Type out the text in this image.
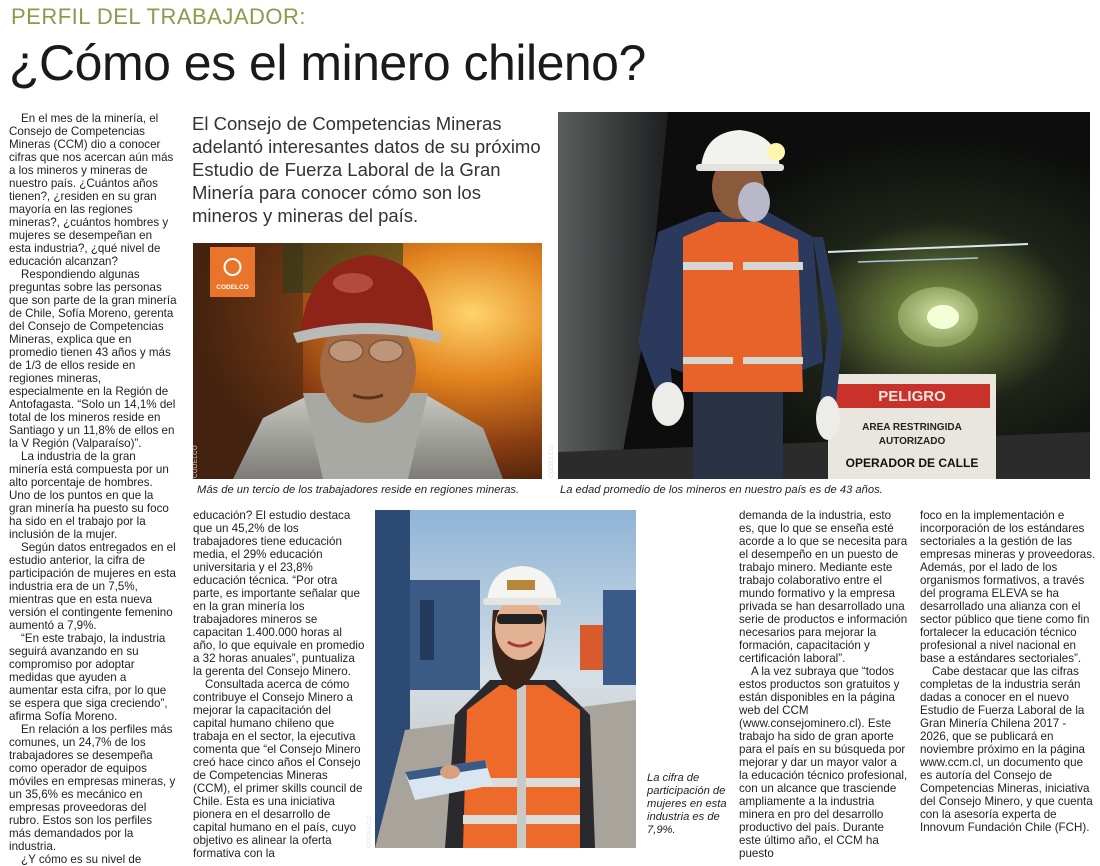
PERFIL DEL TRABAJADOR:
¿Cómo es el minero chileno?

En el mes de la minería, el Consejo de Competencias Mineras (CCM) dio a conocer cifras que nos acercan aún más a los mineros y mineras de nuestro país. ¿Cuántos años tienen?, ¿residen en su gran mayoría en las regiones mineras?, ¿cuántos hombres y mujeres se desempeñan en esta industria?, ¿qué nivel de educación alcanzan?

Respondiendo algunas preguntas sobre las personas que son parte de la gran minería de Chile, Sofía Moreno, gerenta del Consejo de Competencias Mineras, explica que en promedio tienen 43 años y más de 1/3 de ellos reside en regiones mineras, especialmente en la Región de Antofagasta. “Solo un 14,1% del total de los mineros reside en Santiago y un 11,8% de ellos en la V Región (Valparaíso)”.

La industria de la gran minería está compuesta por un alto porcentaje de hombres. Uno de los puntos en que la gran minería ha puesto su foco ha sido en el trabajo por la inclusión de la mujer.

Según datos entregados en el estudio anterior, la cifra de participación de mujeres en esta industria era de un 7,5%, mientras que en esta nueva versión el contingente femenino aumentó a 7,9%.

“En este trabajo, la industria seguirá avanzando en su compromiso por adoptar medidas que ayuden a aumentar esta cifra, por lo que se espera que siga creciendo”, afirma Sofía Moreno.

En relación a los perfiles más comunes, un 24,7% de los trabajadores se desempeña como operador de equipos móviles en empresas mineras, y un 35,6% es mecánico en empresas proveedoras del rubro. Estos son los perfiles más demandados por la industria.

¿Y cómo es su nivel de

El Consejo de Competencias Mineras adelantó interesantes datos de su próximo Estudio de Fuerza Laboral de la Gran Minería para conocer cómo son los mineros y mineras del país.
CODELCO
CODELCO
PELIGRO
AREA RESTRINGIDA
AUTORIZADO
OPERADOR DE CALLE
CODELCO
Más de un tercio de los trabajadores reside en regiones mineras.	La edad promedio de los mineros en nuestro país es de 43 años.

educación? El estudio destaca que un 45,2% de los trabajadores tiene educación media, el 29% educación universitaria y el 23,8% educación técnica. “Por otra parte, es importante señalar que en la gran minería los trabajadores mineros se capacitan 1.400.000 horas al año, lo que equivale en promedio a 32 horas anuales”, puntualiza la gerenta del Consejo Minero.

Consultada acerca de cómo contribuye el Consejo Minero a mejorar la capacitación del capital humano chileno que trabaja en el sector, la ejecutiva comenta que “el Consejo Minero creó hace cinco años el Consejo de Competencias Mineras (CCM), el primer skills council de Chile. Esta es una iniciativa pionera en el desarrollo de capital humano en el país, cuyo objetivo es alinear la oferta formativa con la

CODELCO
La cifra de participación de mujeres en esta industria es de 7,9%.

demanda de la industria, esto es, que lo que se enseña esté acorde a lo que se necesita para el desempeño en un puesto de trabajo minero. Mediante este trabajo colaborativo entre el mundo formativo y la empresa privada se han desarrollado una serie de productos e información necesarios para mejorar la formación, capacitación y certificación laboral”.

A la vez subraya que “todos estos productos son gratuitos y están disponibles en la página web del CCM (www.consejominero.cl). Este trabajo ha sido de gran aporte para el país en su búsqueda por mejorar y dar un mayor valor a la educación técnico profesional, con un alcance que trasciende ampliamente a la industria minera en pro del desarrollo productivo del país. Durante este último año, el CCM ha puesto

foco en la implementación e incorporación de los estándares sectoriales a la gestión de las empresas mineras y proveedoras. Además, por el lado de los organismos formativos, a través del programa ELEVA se ha desarrollado una alianza con el sector público que tiene como fin fortalecer la educación técnico profesional a nivel nacional en base a estándares sectoriales”.

Cabe destacar que las cifras completas de la industria serán dadas a conocer en el nuevo Estudio de Fuerza Laboral de la Gran Minería Chilena 2017 - 2026, que se publicará en noviembre próximo en la página www.ccm.cl, un documento que es autoría del Consejo de Competencias Mineras, iniciativa del Consejo Minero, y que cuenta con la asesoría experta de Innovum Fundación Chile (FCH).
